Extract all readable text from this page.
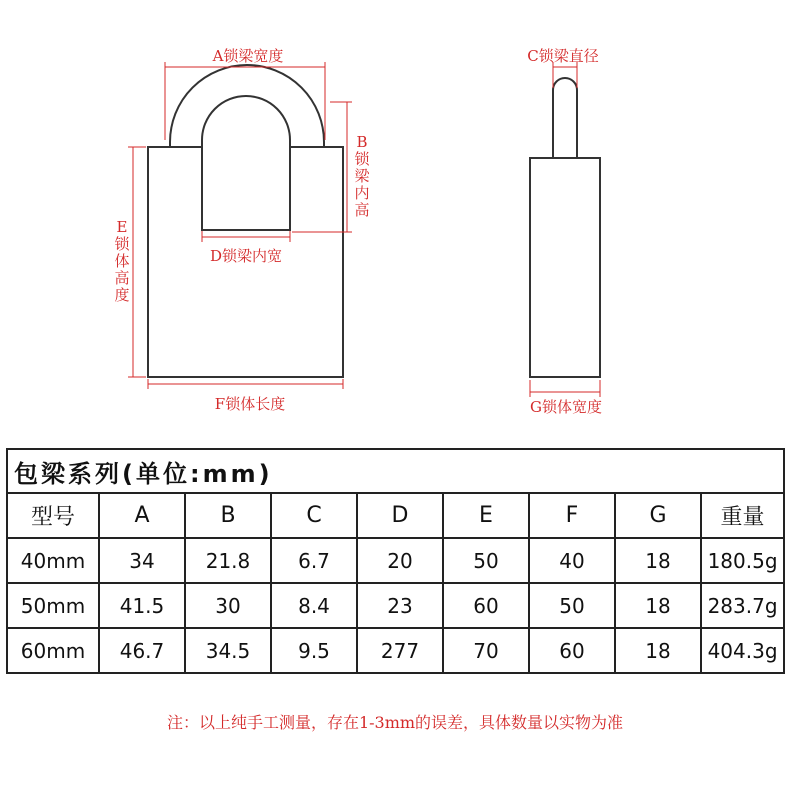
A锁梁宽度	C锁梁直径
D锁梁内宽
F锁体长度	G锁体宽度
B
锁
梁
内
高
E
锁
体
高
度
包梁系列(单位:mm)								
型号	A	B	C	D	E	F	G	重量
40mm	34	21.8	6.7	20	50	40	18	180.5g
50mm	41.5	30	8.4	23	60	50	18	283.7g
60mm	46.7	34.5	9.5	277	70	60	18	404.3g
注：以上纯手工测量，存在1-3mm的误差，具体数量以实物为准
